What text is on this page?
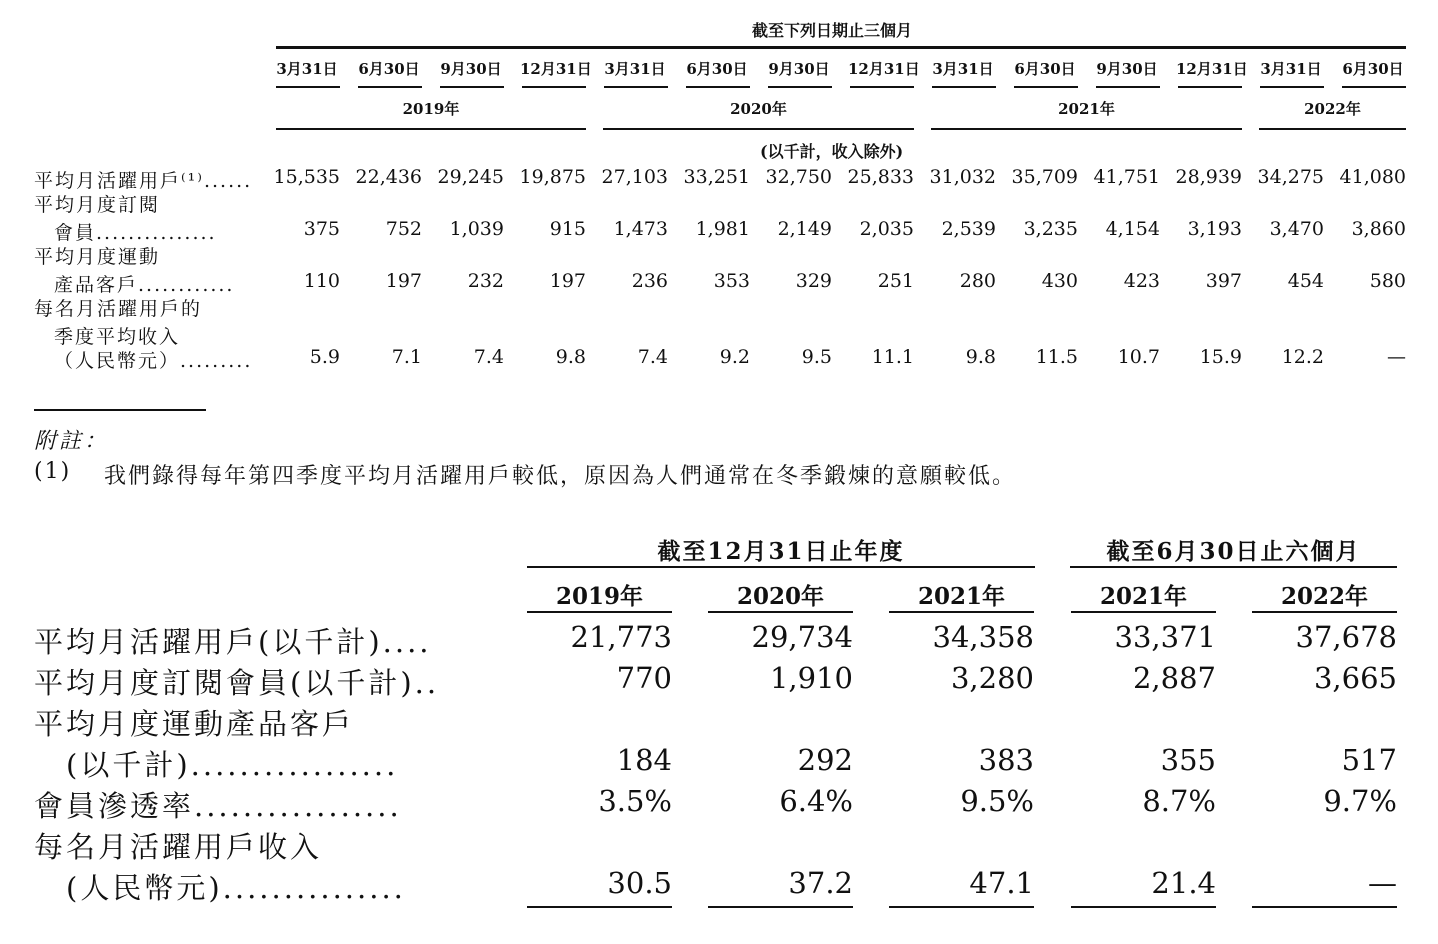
截至下列日期止三個月
3月31日 6月30日 9月30日 12月31日 3月31日 6月30日 9月30日 12月31日 3月31日 6月30日 9月30日 12月31日 3月31日 6月30日
2019年	2020年	2021年	2022年
(以千計，收入除外)
平均月活躍用戶⁽¹⁾...... 15,535 22,436 29,245 19,875 27,103 33,251 32,750 25,833 31,032 35,709 41,751 28,939 34,275 41,080
平均月度訂閱
會員...............	375	752	1,039	915	1,473	1,981	2,149	2,035	2,539	3,235	4,154	3,193	3,470	3,860
平均月度運動
產品客戶............	110	197	232	197	236	353	329	251	280	430	423	397	454	580
每名月活躍用戶的
季度平均收入
（人民幣元）.........	5.9	7.1	7.4	9.8	7.4	9.2	9.5	11.1	9.8	11.5	10.7	15.9	12.2	—
附註：
(1) 我們錄得每年第四季度平均月活躍用戶較低，原因為人們通常在冬季鍛煉的意願較低。
截至12月31日止年度	截至6月30日止六個月
2019年	2020年	2021年	2021年	2022年
平均月活躍用戶(以千計)....	21,773	29,734	34,358	33,371	37,678
平均月度訂閱會員(以千計)..	770	1,910	3,280	2,887	3,665
平均月度運動產品客戶
(以千計).................	184	292	383	355	517
會員滲透率.................	3.5%	6.4%	9.5%	8.7%	9.7%
每名月活躍用戶收入
(人民幣元)...............	30.5	37.2	47.1	21.4	—
